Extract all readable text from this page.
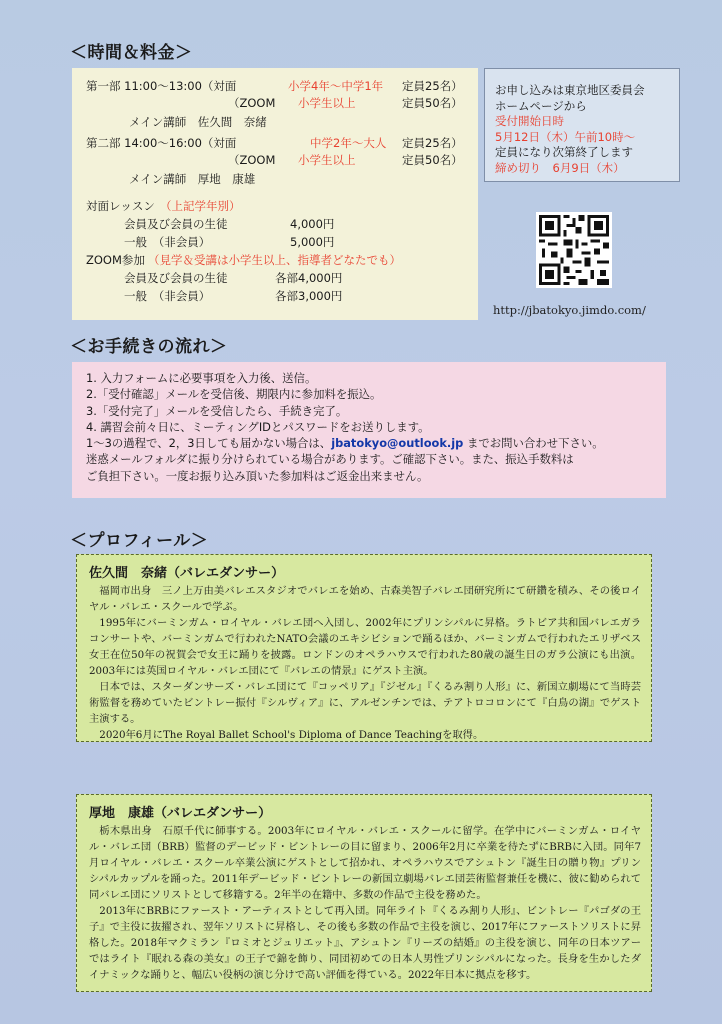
＜時間＆料金＞
第一部 11:00～13:00（対面	小学4年～中学1年 定員25名）
（ZOOM 小学生以上	定員50名）
メイン講師　佐久間　奈緒
第二部 14:00～16:00（対面	中学2年～大人 定員25名）
（ZOOM 小学生以上	定員50名）
メイン講師　厚地　康雄
対面レッスン （上記学年別）
会員及び会員の生徒	4,000円
一般　（非会員）	5,000円
ZOOM参加 （見学＆受講は小学生以上、指導者どなたでも）
会員及び会員の生徒	各部4,000円
一般　（非会員）	各部3,000円
お申し込みは東京地区委員会
ホームページから
受付開始日時
5月12日（木）午前10時～
定員になり次第終了します
締め切り　6月9日（木）
http://jbatokyo.jimdo.com/
＜お手続きの流れ＞
1. 入力フォームに必要事項を入力後、送信。
2.「受付確認」メールを受信後、期限内に参加料を振込。
3.「受付完了」メールを受信したら、手続き完了。
4. 講習会前々日に、ミーティングIDとパスワードをお送りします。
1～3の過程で、2，3日しても届かない場合は、jbatokyo@outlook.jp までお問い合わせ下さい。
迷惑メールフォルダに振り分けられている場合があります。ご確認下さい。また、振込手数料は
ご負担下さい。一度お振り込み頂いた参加料はご返金出来ません。
＜プロフィール＞
佐久間　奈緒（バレエダンサー）

福岡市出身　三ノ上万由美バレエスタジオでバレエを始め、古森美智子バレエ団研究所にて研鑽を積み、その後ロイヤル・バレエ・スクールで学ぶ。

1995年にバーミンガム・ロイヤル・バレエ団へ入団し、2002年にプリンシパルに昇格。ラトビア共和国バレエガラコンサートや、バーミンガムで行われたNATO会議のエキシビションで踊るほか、バーミンガムで行われたエリザベス女王在位50年の祝賀会で女王に踊りを披露。ロンドンのオペラハウスで行われた80歳の誕生日のガラ公演にも出演。2003年には英国ロイヤル・バレエ団にて『バレエの情景』にゲスト主演。

日本では、スターダンサーズ・バレエ団にて『コッペリア』『ジゼル』『くるみ割り人形』に、新国立劇場にて当時芸術監督を務めていたビントレー振付『シルヴィア』に、アルゼンチンでは、テアトロコロンにて『白鳥の湖』でゲスト主演する。

2020年6月にThe Royal Ballet School's Diploma of Dance Teachingを取得。

厚地　康雄（バレエダンサー）

栃木県出身　石原千代に師事する。2003年にロイヤル・バレエ・スクールに留学。在学中にバーミンガム・ロイヤル・バレエ団（BRB）監督のデービッド・ビントレーの目に留まり、2006年2月に卒業を待たずにBRBに入団。同年7月ロイヤル・バレエ・スクール卒業公演にゲストとして招かれ、オペラハウスでアシュトン『誕生日の贈り物』プリンシパルカップルを踊った。2011年デービッド・ビントレーの新国立劇場バレエ団芸術監督兼任を機に、彼に勧められて同バレエ団にソリストとして移籍する。2年半の在籍中、多数の作品で主役を務めた。

2013年にBRBにファースト・アーティストとして再入団。同年ライト『くるみ割り人形』、ビントレー『パゴダの王子』で主役に抜擢され、翌年ソリストに昇格し、その後も多数の作品で主役を演じ、2017年にファーストソリストに昇格した。2018年マクミラン『ロミオとジュリエット』、アシュトン『リーズの結婚』の主役を演じ、同年の日本ツアーではライト『眠れる森の美女』の王子で錦を飾り、同団初めての日本人男性プリンシパルになった。長身を生かしたダイナミックな踊りと、幅広い役柄の演じ分けで高い評価を得ている。2022年日本に拠点を移す。
